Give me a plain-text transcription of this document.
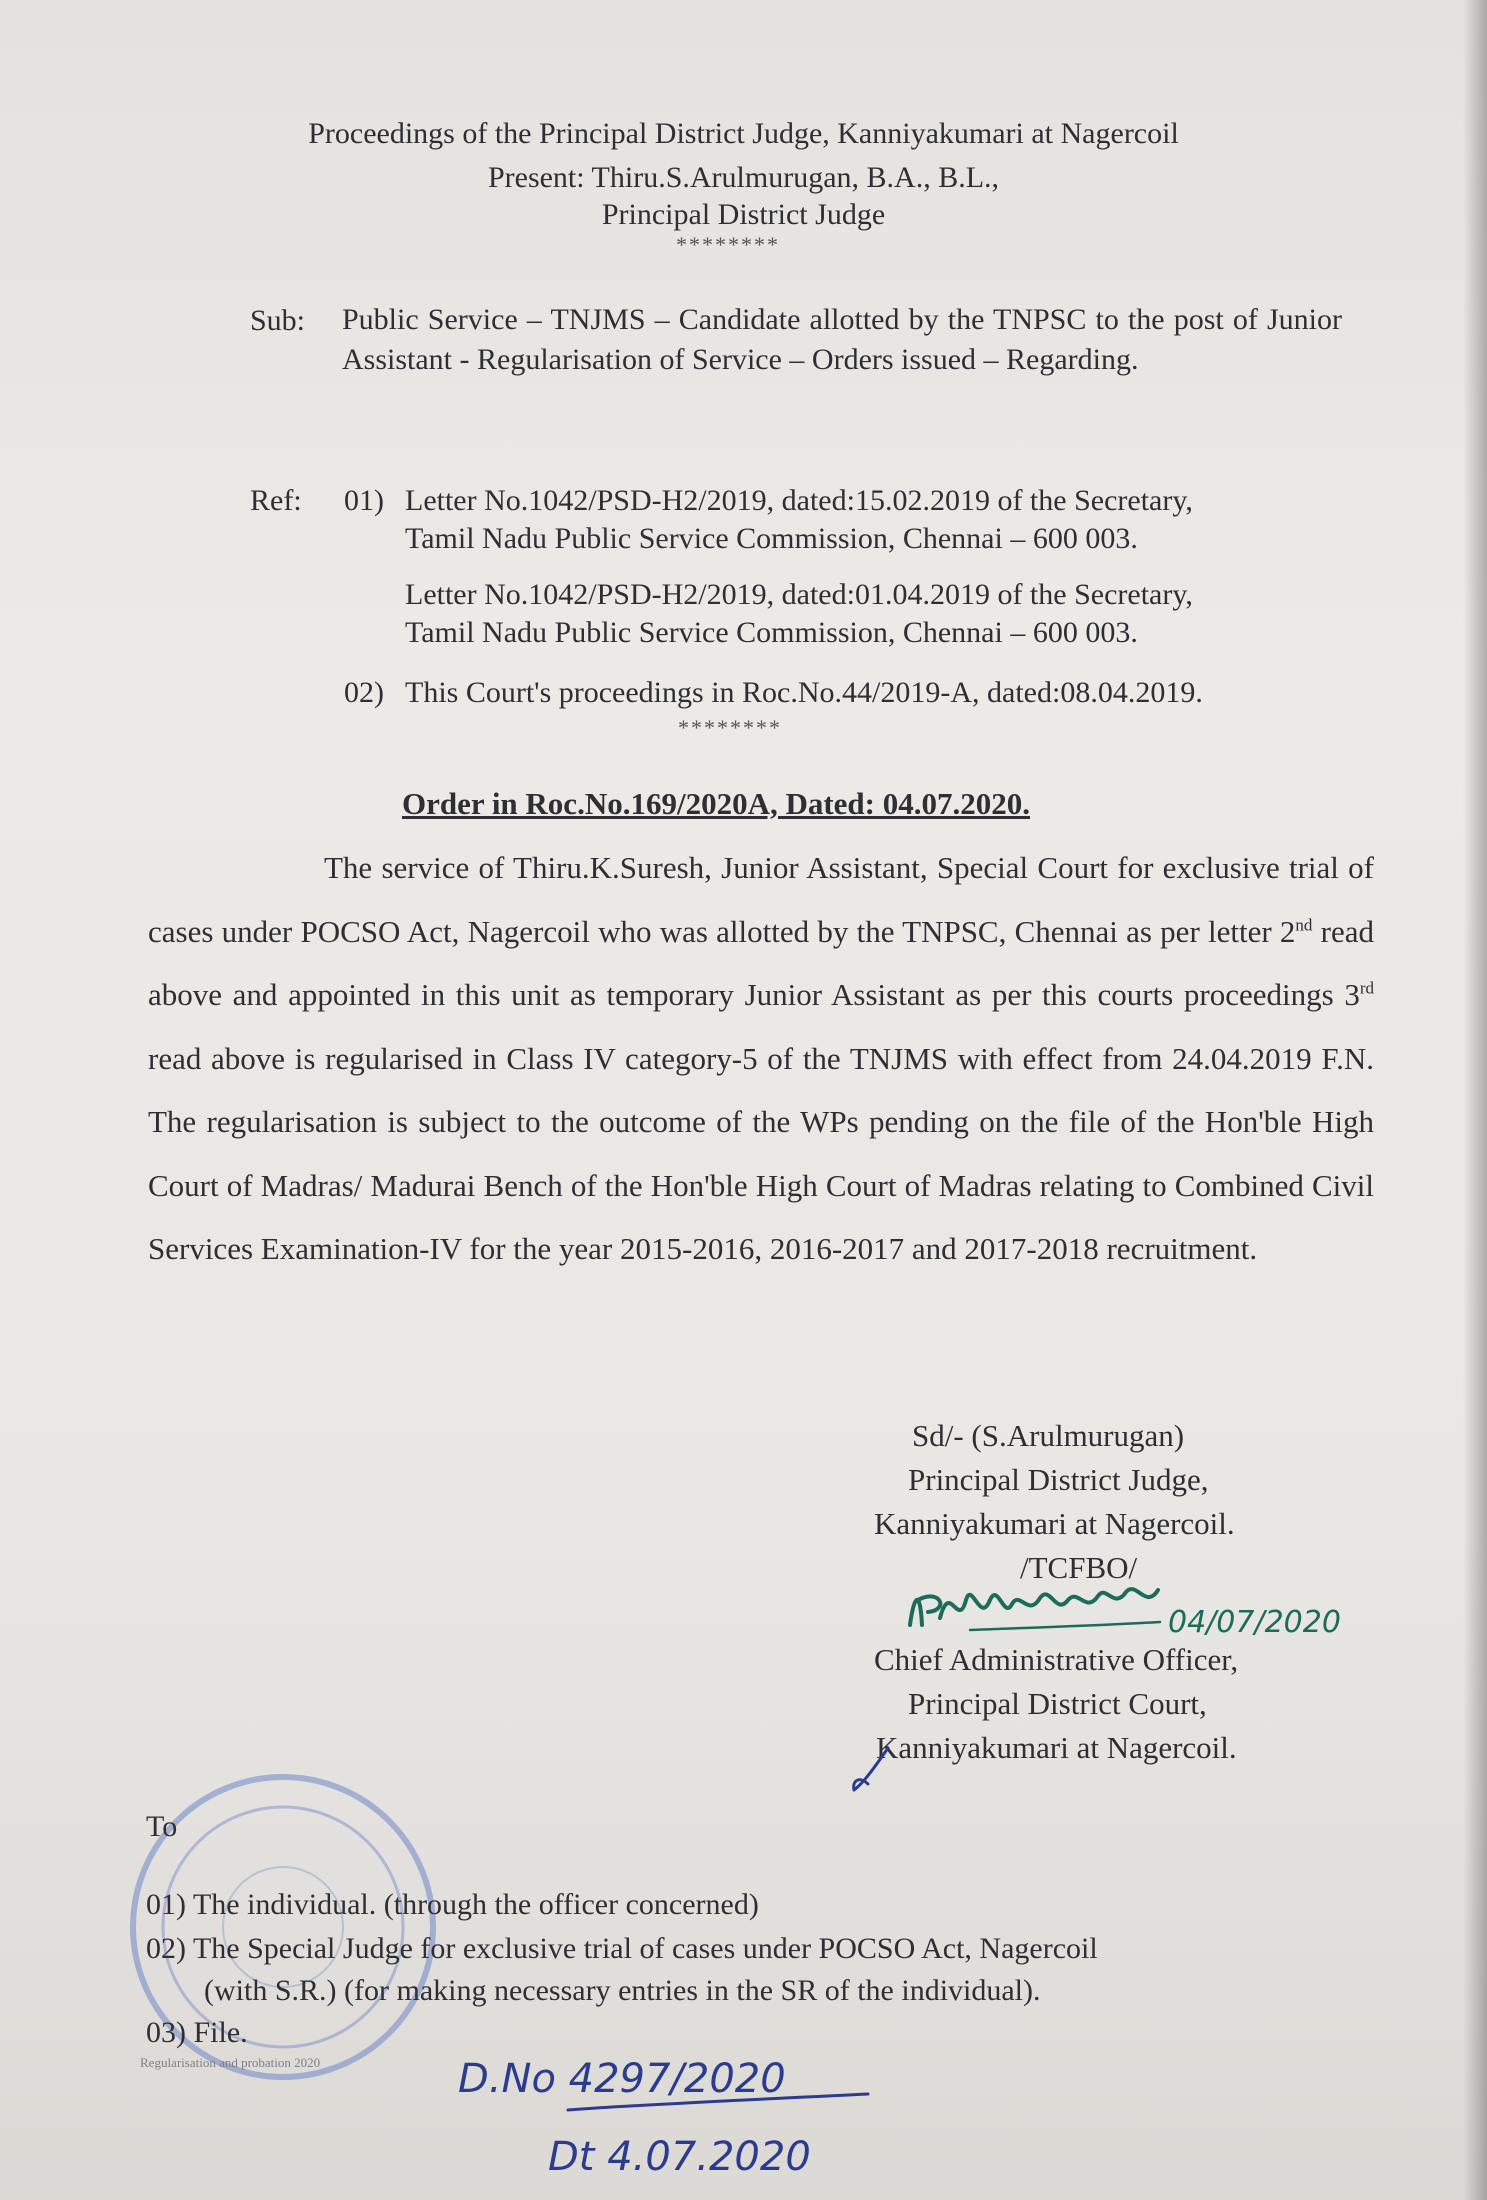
Proceedings of the Principal District Judge, Kanniyakumari at Nagercoil
Present: Thiru.S.Arulmurugan, B.A., B.L.,
Principal District Judge
********
Sub: Public Service – TNJMS – Candidate allotted by the TNPSC to the post of Junior Assistant - Regularisation of Service – Orders issued – Regarding.
Ref: 01) Letter No.1042/PSD-H2/2019, dated:15.02.2019 of the Secretary,
Tamil Nadu Public Service Commission, Chennai – 600 003.
Letter No.1042/PSD-H2/2019, dated:01.04.2019 of the Secretary,
Tamil Nadu Public Service Commission, Chennai – 600 003.
02) This Court's proceedings in Roc.No.44/2019-A, dated:08.04.2019.
********
Order in Roc.No.169/2020A, Dated: 04.07.2020.
The service of Thiru.K.Suresh, Junior Assistant, Special Court for exclusive trial of cases under POCSO Act, Nagercoil who was allotted by the TNPSC, Chennai as per letter 2nd read above and appointed in this unit as temporary Junior Assistant as per this courts proceedings 3rd read above is regularised in Class IV category-5 of the TNJMS with effect from 24.04.2019 F.N. The regularisation is subject to the outcome of the WPs pending on the file of the Hon'ble High Court of Madras/ Madurai Bench of the Hon'ble High Court of Madras relating to Combined Civil Services Examination-IV for the year 2015-2016, 2016-2017 and 2017-2018 recruitment.
Sd/- (S.Arulmurugan)
Principal District Judge,
Kanniyakumari at Nagercoil.
/TCFBO/
04/07/2020
Chief Administrative Officer,
Principal District Court,
Kanniyakumari at Nagercoil.
To
01) The individual. (through the officer concerned)
02) The Special Judge for exclusive trial of cases under POCSO Act, Nagercoil
(with S.R.) (for making necessary entries in the SR of the individual).
03) File.
Regularisation and probation 2020	D.No 4297/2020
Dt 4.07.2020
